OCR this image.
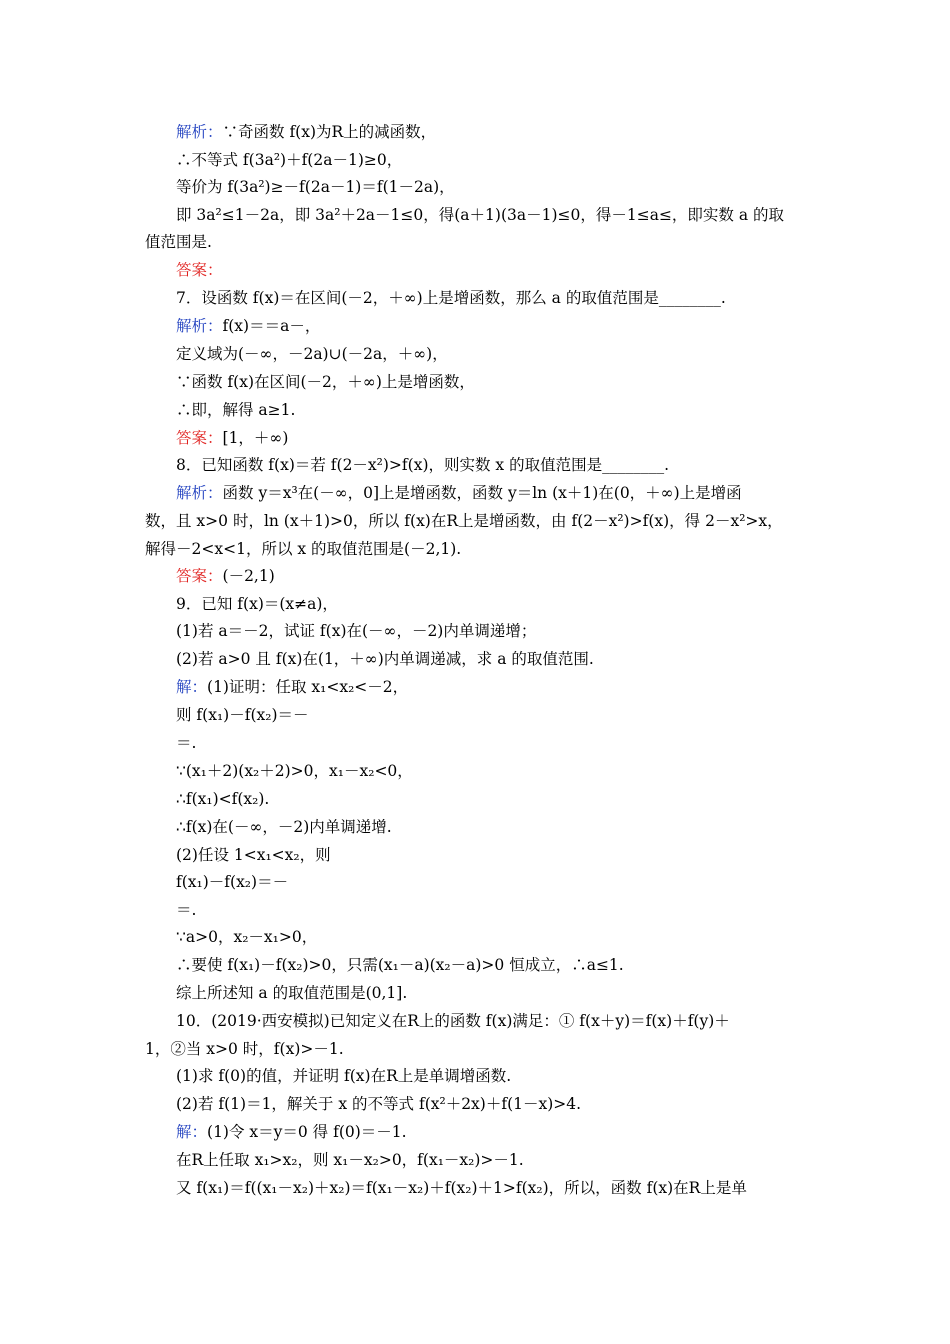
解析：∵奇函数 f(x)为R上的减函数，
∴不等式 f(3a²)＋f(2a－1)≥0，
等价为 f(3a²)≥－f(2a－1)＝f(1－2a)，
即 3a²≤1－2a，即 3a²＋2a－1≤0，得(a＋1)(3a－1)≤0，得－1≤a≤，即实数 a 的取
值范围是.
答案：
7．设函数 f(x)＝在区间(－2，＋∞)上是增函数，那么 a 的取值范围是________.
解析：f(x)＝＝a－，
定义域为(－∞，－2a)∪(－2a，＋∞)，
∵函数 f(x)在区间(－2，＋∞)上是增函数，
∴即，解得 a≥1.
答案：[1，＋∞)
8．已知函数 f(x)＝若 f(2－x²)>f(x)，则实数 x 的取值范围是________.
解析：函数 y＝x³在(－∞，0]上是增函数，函数 y＝ln (x＋1)在(0，＋∞)上是增函
数，且 x>0 时，ln (x＋1)>0，所以 f(x)在R上是增函数，由 f(2－x²)>f(x)，得 2－x²>x，
解得－2<x<1，所以 x 的取值范围是(－2,1).
答案：(－2,1)
9．已知 f(x)＝(x≠a)，
(1)若 a＝－2，试证 f(x)在(－∞，－2)内单调递增；
(2)若 a>0 且 f(x)在(1，＋∞)内单调递减，求 a 的取值范围.
解：(1)证明：任取 x₁<x₂<－2，
则 f(x₁)－f(x₂)＝－
＝.
∵(x₁＋2)(x₂＋2)>0，x₁－x₂<0，
∴f(x₁)<f(x₂).
∴f(x)在(－∞，－2)内单调递增.
(2)任设 1<x₁<x₂，则
f(x₁)－f(x₂)＝－
＝.
∵a>0，x₂－x₁>0，
∴要使 f(x₁)－f(x₂)>0，只需(x₁－a)(x₂－a)>0 恒成立，∴a≤1.
综上所述知 a 的取值范围是(0,1].
10．(2019·西安模拟)已知定义在R上的函数 f(x)满足：① f(x＋y)＝f(x)＋f(y)＋
1，②当 x>0 时，f(x)>－1.
(1)求 f(0)的值，并证明 f(x)在R上是单调增函数.
(2)若 f(1)＝1，解关于 x 的不等式 f(x²＋2x)＋f(1－x)>4.
解：(1)令 x＝y＝0 得 f(0)＝－1.
在R上任取 x₁>x₂，则 x₁－x₂>0，f(x₁－x₂)>－1.
又 f(x₁)＝f((x₁－x₂)＋x₂)＝f(x₁－x₂)＋f(x₂)＋1>f(x₂)，所以，函数 f(x)在R上是单
